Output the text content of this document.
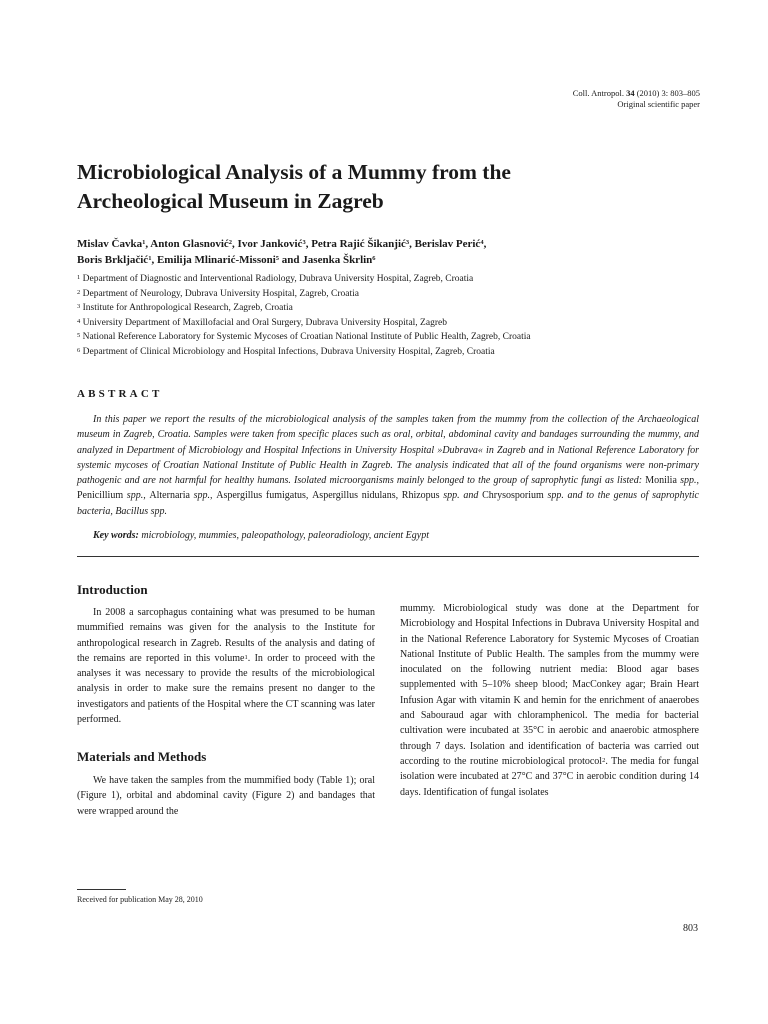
Coll. Antropol. 34 (2010) 3: 803–805
Original scientific paper
Microbiological Analysis of a Mummy from the
Archeological Museum in Zagreb
Mislav Čavka$^1$, Anton Glasnović$^2$, Ivor Janković$^3$, Petra Rajić Šikanjić$^3$, Berislav Perić$^4$,
Boris Brkljačić$^1$, Emilija Mlinarić-Missoni$^5$ and Jasenka Škrlin$^6$
$^1$ Department of Diagnostic and Interventional Radiology, Dubrava University Hospital, Zagreb, Croatia
$^2$ Department of Neurology, Dubrava University Hospital, Zagreb, Croatia
$^3$ Institute for Anthropological Research, Zagreb, Croatia
$^4$ University Department of Maxillofacial and Oral Surgery, Dubrava University Hospital, Zagreb
$^5$ National Reference Laboratory for Systemic Mycoses of Croatian National Institute of Public Health, Zagreb, Croatia
$^6$ Department of Clinical Microbiology and Hospital Infections, Dubrava University Hospital, Zagreb, Croatia
ABSTRACT
In this paper we report the results of the microbiological analysis of the samples taken from the mummy from the collection of the Archaeological museum in Zagreb, Croatia. Samples were taken from specific places such as oral, orbital, abdominal cavity and bandages surrounding the mummy, and analyzed in Department of Microbiology and Hospital Infections in University Hospital »Dubrava« in Zagreb and in National Reference Laboratory for systemic mycoses of Croatian National Institute of Public Health in Zagreb. The analysis indicated that all of the found organisms were non-primary pathogenic and are not harmful for healthy humans. Isolated microorganisms mainly belonged to the group of saprophytic fungi as listed: Monilia spp., Penicillium spp., Alternaria spp., Aspergillus fumigatus, Aspergillus nidulans, Rhizopus spp. and Chrysosporium spp. and to the genus of saprophytic bacteria, Bacillus spp.
Key words: microbiology, mummies, paleopathology, paleoradiology, ancient Egypt
Introduction

In 2008 a sarcophagus containing what was presumed to be human mummified remains was given for the analysis to the Institute for anthropological research in Zagreb. Results of the analysis and dating of the remains are reported in this volume$^1$. In order to proceed with the analyses it was necessary to provide the results of the microbiological analysis in order to make sure the remains present no danger to the investigators and patients of the Hospital where the CT scanning was later performed.

Materials and Methods

We have taken the samples from the mummified body (Table 1); oral (Figure 1), orbital and abdominal cavity (Figure 2) and bandages that were wrapped around the

mummy. Microbiological study was done at the Department for Microbiology and Hospital Infections in Dubrava University Hospital and in the National Reference Laboratory for Systemic Mycoses of Croatian National Institute of Public Health. The samples from the mummy were inoculated on the following nutrient media: Blood agar bases supplemented with 5–10% sheep blood; MacConkey agar; Brain Heart Infusion Agar with vitamin K and hemin for the enrichment of anaerobes and Sabouraud agar with chloramphenicol. The media for bacterial cultivation were incubated at 35°C in aerobic and anaerobic atmosphere through 7 days. Isolation and identification of bacteria was carried out according to the routine microbiological protocol$^2$. The media for fungal isolation were incubated at 27°C and 37°C in aerobic condition during 14 days. Identification of fungal isolates

Received for publication May 28, 2010
803
